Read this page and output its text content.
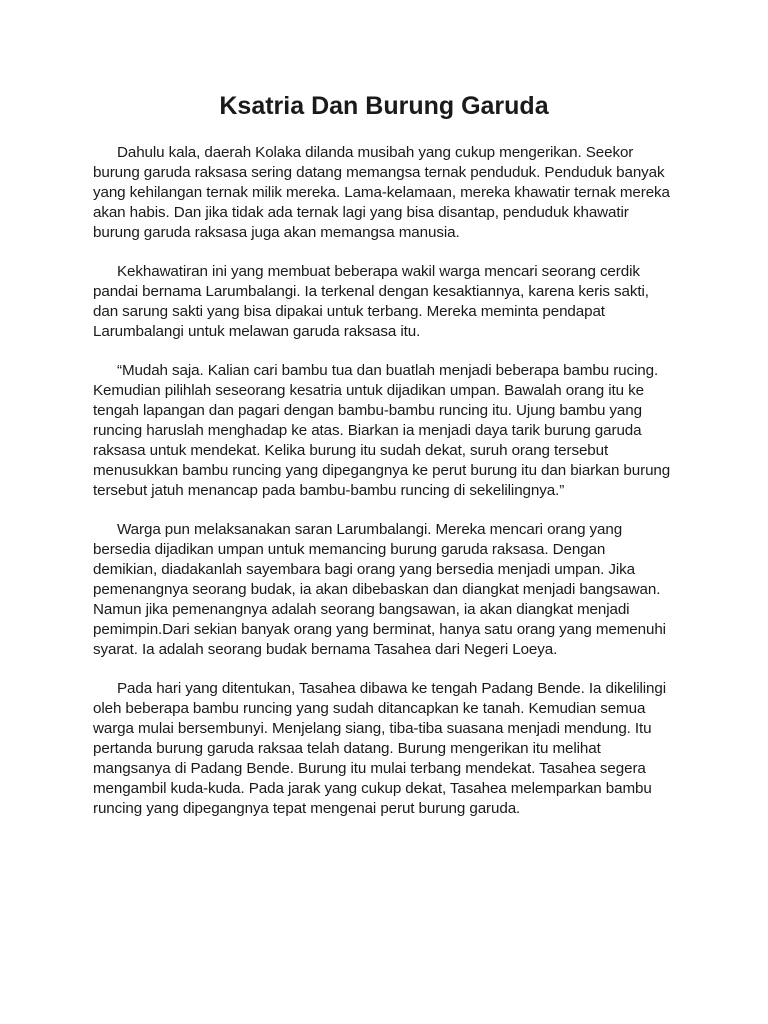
Ksatria Dan Burung Garuda

Dahulu kala, daerah Kolaka dilanda musibah yang cukup mengerikan. Seekor burung garuda raksasa sering datang memangsa ternak penduduk. Penduduk banyak yang kehilangan ternak milik mereka. Lama-kelamaan, mereka khawatir ternak mereka akan habis. Dan jika tidak ada ternak lagi yang bisa disantap, penduduk khawatir burung garuda raksasa juga akan memangsa manusia.

Kekhawatiran ini yang membuat beberapa wakil warga mencari seorang cerdik pandai bernama Larumbalangi. Ia terkenal dengan kesaktiannya, karena keris sakti, dan sarung sakti yang bisa dipakai untuk terbang. Mereka meminta pendapat Larumbalangi untuk melawan garuda raksasa itu.

“Mudah saja. Kalian cari bambu tua dan buatlah menjadi beberapa bambu rucing. Kemudian pilihlah seseorang kesatria untuk dijadikan umpan. Bawalah orang itu ke tengah lapangan dan pagari dengan bambu-bambu runcing itu. Ujung bambu yang runcing haruslah menghadap ke atas. Biarkan ia menjadi daya tarik burung garuda raksasa untuk mendekat. Kelika burung itu sudah dekat, suruh orang tersebut menusukkan bambu runcing yang dipegangnya ke perut burung itu dan biarkan burung tersebut jatuh menancap pada bambu-bambu runcing di sekelilingnya.”

Warga pun melaksanakan saran Larumbalangi. Mereka mencari orang yang bersedia dijadikan umpan untuk memancing burung garuda raksasa. Dengan demikian, diadakanlah sayembara bagi orang yang bersedia menjadi umpan. Jika pemenangnya seorang budak, ia akan dibebaskan dan diangkat menjadi bangsawan. Namun jika pemenangnya adalah seorang bangsawan, ia akan diangkat menjadi pemimpin.Dari sekian banyak orang yang berminat, hanya satu orang yang memenuhi syarat. Ia adalah seorang budak bernama Tasahea dari Negeri Loeya.

Pada hari yang ditentukan, Tasahea dibawa ke tengah Padang Bende. Ia dikelilingi oleh beberapa bambu runcing yang sudah ditancapkan ke tanah. Kemudian semua warga mulai bersembunyi. Menjelang siang, tiba-tiba suasana menjadi mendung. Itu pertanda burung garuda raksaa telah datang. Burung mengerikan itu melihat mangsanya di Padang Bende. Burung itu mulai terbang mendekat. Tasahea segera mengambil kuda-kuda. Pada jarak yang cukup dekat, Tasahea melemparkan bambu runcing yang dipegangnya tepat mengenai perut burung garuda.
